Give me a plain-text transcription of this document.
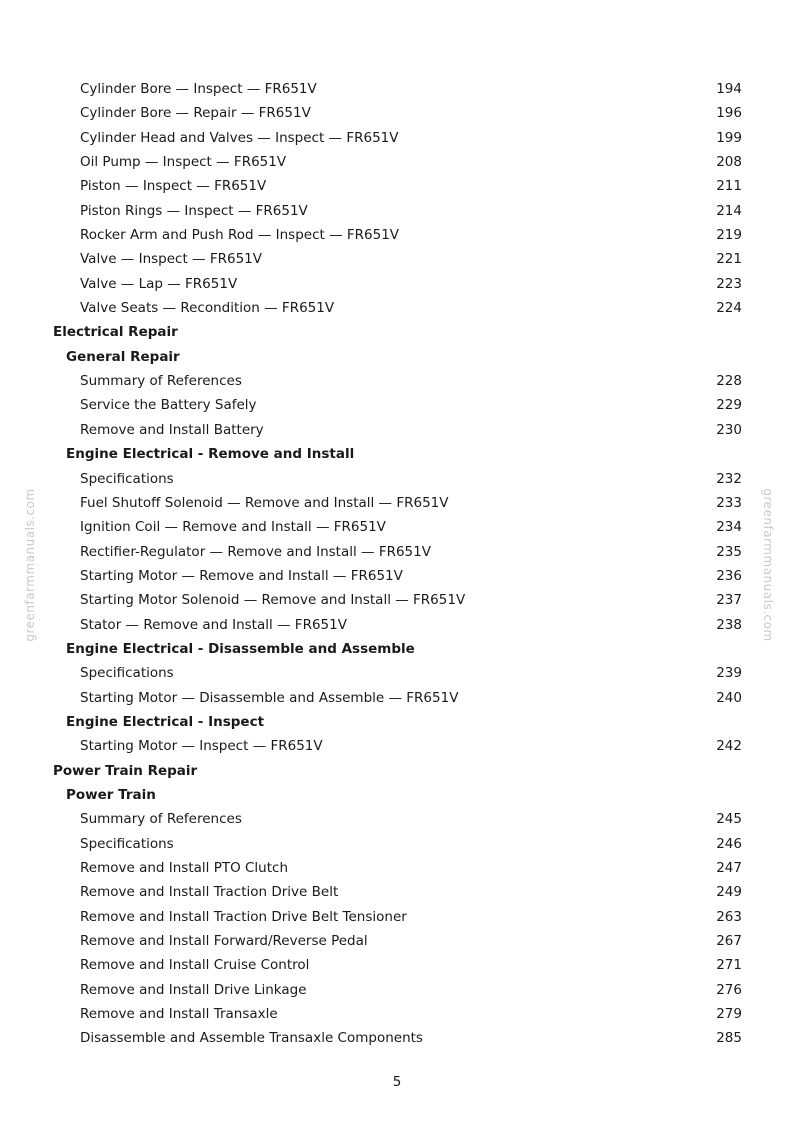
Cylinder Bore — Inspect — FR651V	194
Cylinder Bore — Repair — FR651V	196
Cylinder Head and Valves — Inspect — FR651V	199
Oil Pump — Inspect — FR651V	208
Piston — Inspect — FR651V	211
Piston Rings — Inspect — FR651V	214
Rocker Arm and Push Rod — Inspect — FR651V	219
Valve — Inspect — FR651V	221
Valve — Lap — FR651V	223
Valve Seats — Recondition — FR651V	224
Electrical Repair
General Repair
Summary of References	228
Service the Battery Safely	229
Remove and Install Battery	230
Engine Electrical - Remove and Install
Specifications	232
Fuel Shutoff Solenoid — Remove and Install — FR651V	233
Ignition Coil — Remove and Install — FR651V	234
Rectifier-Regulator — Remove and Install — FR651V	235
Starting Motor — Remove and Install — FR651V	236
Starting Motor Solenoid — Remove and Install — FR651V	237
Stator — Remove and Install — FR651V	238
Engine Electrical - Disassemble and Assemble
Specifications	239
Starting Motor — Disassemble and Assemble — FR651V	240
Engine Electrical - Inspect
Starting Motor — Inspect — FR651V	242
Power Train Repair
Power Train
Summary of References	245
Specifications	246
Remove and Install PTO Clutch	247
Remove and Install Traction Drive Belt	249
Remove and Install Traction Drive Belt Tensioner	263
Remove and Install Forward/Reverse Pedal	267
Remove and Install Cruise Control	271
Remove and Install Drive Linkage	276
Remove and Install Transaxle	279
Disassemble and Assemble Transaxle Components	285
greenfarmmanuals.com	greenfarmmanuals.com
5
